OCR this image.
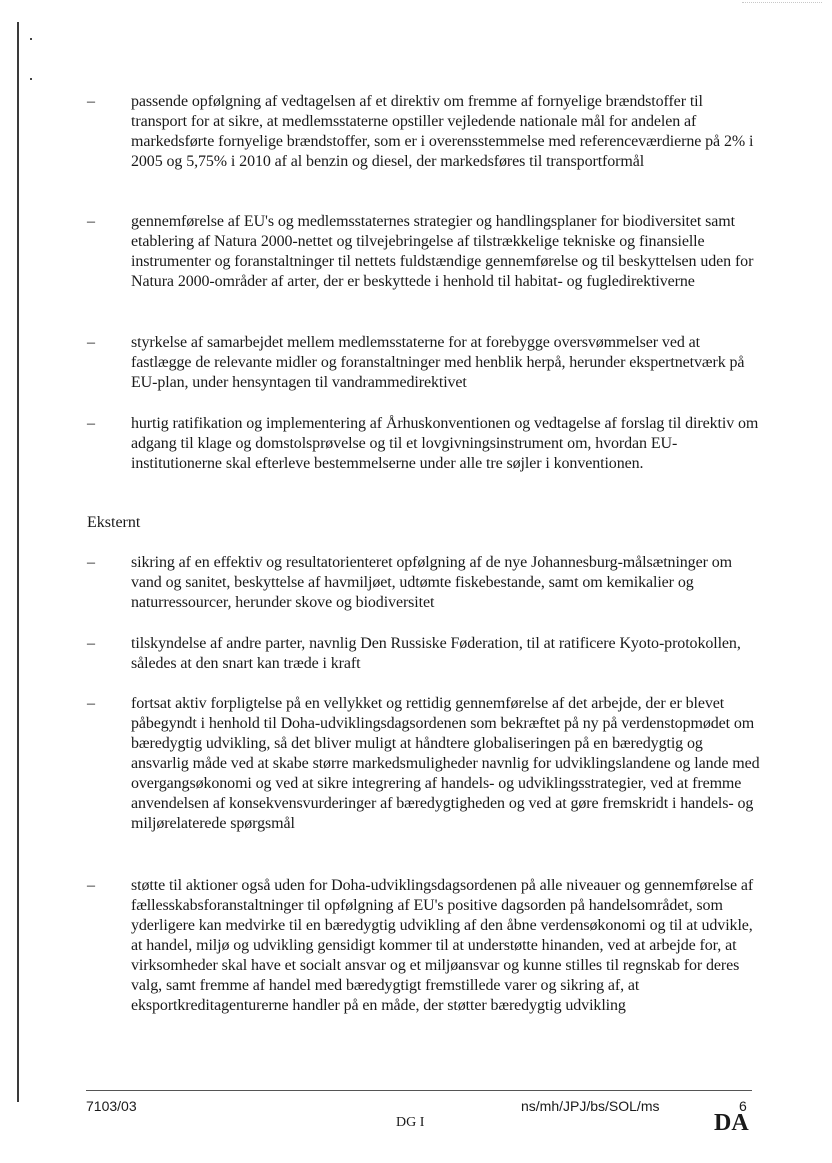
– passende opfølgning af vedtagelsen af et direktiv om fremme af fornyelige brændstoffer til transport for at sikre, at medlemsstaterne opstiller vejledende nationale mål for andelen af markedsførte fornyelige brændstoffer, som er i overensstemmelse med referenceværdierne på 2% i 2005 og 5,75% i 2010 af al benzin og diesel, der markedsføres til transportformål
– gennemførelse af EU's og medlemsstaternes strategier og handlingsplaner for biodiversitet samt etablering af Natura 2000-nettet og tilvejebringelse af tilstrækkelige tekniske og finansielle instrumenter og foranstaltninger til nettets fuldstændige gennemførelse og til beskyttelsen uden for Natura 2000-områder af arter, der er beskyttede i henhold til habitat- og fugledirektiverne
– styrkelse af samarbejdet mellem medlemsstaterne for at forebygge oversvømmelser ved at fastlægge de relevante midler og foranstaltninger med henblik herpå, herunder ekspertnetværk på EU-plan, under hensyntagen til vandrammedirektivet
– hurtig ratifikation og implementering af Århuskonventionen og vedtagelse af forslag til direktiv om adgang til klage og domstolsprøvelse og til et lovgivningsinstrument om, hvordan EU-institutionerne skal efterleve bestemmelserne under alle tre søjler i konventionen.
Eksternt
– sikring af en effektiv og resultatorienteret opfølgning af de nye Johannesburg-målsætninger om vand og sanitet, beskyttelse af havmiljøet, udtømte fiskebestande, samt om kemikalier og naturressourcer, herunder skove og biodiversitet
– tilskyndelse af andre parter, navnlig Den Russiske Føderation, til at ratificere Kyoto-protokollen, således at den snart kan træde i kraft
– fortsat aktiv forpligtelse på en vellykket og rettidig gennemførelse af det arbejde, der er blevet påbegyndt i henhold til Doha-udviklingsdagsordenen som bekræftet på ny på verdenstopmødet om bæredygtig udvikling, så det bliver muligt at håndtere globaliseringen på en bæredygtig og ansvarlig måde ved at skabe større markedsmuligheder navnlig for udviklingslandene og lande med overgangsøkonomi og ved at sikre integrering af handels- og udviklingsstrategier, ved at fremme anvendelsen af konsekvensvurderinger af bæredygtigheden og ved at gøre fremskridt i handels- og miljørelaterede spørgsmål
– støtte til aktioner også uden for Doha-udviklingsdagsordenen på alle niveauer og gennemførelse af fællesskabsforanstaltninger til opfølgning af EU's positive dagsorden på handelsområdet, som yderligere kan medvirke til en bæredygtig udvikling af den åbne verdensøkonomi og til at udvikle, at handel, miljø og udvikling gensidigt kommer til at understøtte hinanden, ved at arbejde for, at virksomheder skal have et socialt ansvar og et miljøansvar og kunne stilles til regnskab for deres valg, samt fremme af handel med bæredygtigt fremstillede varer og sikring af, at eksportkreditagenturerne handler på en måde, der støtter bæredygtig udvikling
7103/03	ns/mh/JPJ/bs/SOL/ms	6
DG I	DA
